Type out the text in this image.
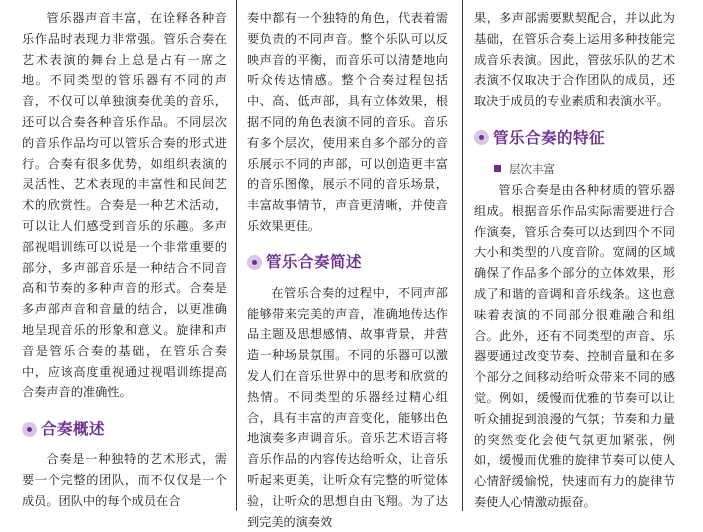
管乐器声音丰富，在诠释各种音乐作品时表现力非常强。管乐合奏在艺术表演的舞台上总是占有一席之地。不同类型的管乐器有不同的声音，不仅可以单独演奏优美的音乐，还可以合奏各种音乐作品。不同层次的音乐作品均可以管乐合奏的形式进行。合奏有很多优势，如组织表演的灵活性、艺术表现的丰富性和民间艺术的欣赏性。合奏是一种艺术活动，可以让人们感受到音乐的乐趣。多声部视唱训练可以说是一个非常重要的部分，多声部音乐是一种结合不同音高和节奏的多种声音的形式。合奏是多声部声音和音量的结合，以更准确地呈现音乐的形象和意义。旋律和声音是管乐合奏的基础，在管乐合奏中，应该高度重视通过视唱训练提高合奏声音的准确性。

合奏概述

合奏是一种独特的艺术形式，需要一个完整的团队，而不仅仅是一个成员。团队中的每个成员在合

奏中都有一个独特的角色，代表着需要负责的不同声音。整个乐队可以反映声音的平衡，而音乐可以清楚地向听众传达情感。整个合奏过程包括中、高、低声部，具有立体效果，根据不同的角色表演不同的音乐。音乐有多个层次，使用来自多个部分的音乐展示不同的声部，可以创造更丰富的音乐图像，展示不同的音乐场景，丰富故事情节，声音更清晰，并使音乐效果更佳。

管乐合奏简述

在管乐合奏的过程中，不同声部能够带来完美的声音，准确地传达作品主题及思想感情、故事背景，并营造一种场景氛围。不同的乐器可以激发人们在音乐世界中的思考和欣赏的热情。不同类型的乐器经过精心组合，具有丰富的声音变化，能够出色地演奏多声调音乐。音乐艺术语言将音乐作品的内容传达给听众，让音乐听起来更美，让听众有完整的听觉体验，让听众的思想自由飞翔。为了达到完美的演奏效

果，多声部需要默契配合，并以此为基础，在管乐合奏上运用多种技能完成音乐表演。因此，管弦乐队的艺术表演不仅取决于合作团队的成员，还取决于成员的专业素质和表演水平。

管乐合奏的特征
层次丰富

管乐合奏是由各种材质的管乐器组成。根据音乐作品实际需要进行合作演奏，管乐合奏可以达到四个不同大小和类型的八度音阶。宽阔的区域确保了作品多个部分的立体效果，形成了和谐的音调和音乐线条。这也意味着表演的不同部分很难融合和组合。此外，还有不同类型的声音、乐器要通过改变节奏、控制音量和在多个部分之间移动给听众带来不同的感觉。例如，缓慢而优雅的节奏可以让听众捕捉到浪漫的气氛；节奏和力量的突然变化会使气氛更加紧张，例如，缓慢而优雅的旋律节奏可以使人心情舒缓愉悦，快速而有力的旋律节奏使人心情激动振奋。
